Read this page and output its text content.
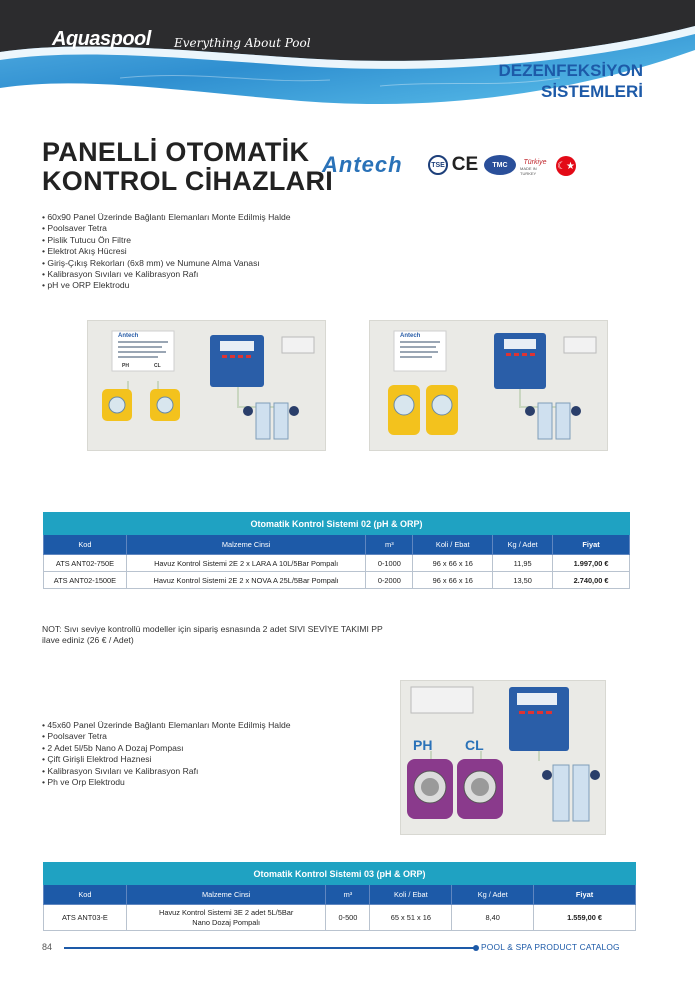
Aquaspool Everything About Pool
DEZENFEKSİYON
SİSTEMLERİ
PANELLİ OTOMATİK
KONTROL CİHAZLARI
Antech	TSE CE	TMC	Türkiye
MADE IN TURKEY
☾★
• 60x90 Panel Üzerinde Bağlantı Elemanları Monte Edilmiş Halde
• Poolsaver Tetra
• Pislik Tutucu Ön Filtre
• Elektrot Akış Hücresi
• Giriş-Çıkış Rekorları (6x8 mm) ve Numune Alma Vanası
• Kalibrasyon Sıvıları ve Kalibrasyon Rafı
• pH ve ORP Elektrodu
Antech
PH	CL
Antech
Otomatik Kontrol Sistemi 02 (pH & ORP)					
Kod	Malzeme Cinsi	m³	Koli / Ebat	Kg / Adet	Fiyat
ATS ANT02-750E	Havuz Kontrol Sistemi 2E 2 x LARA A 10L/5Bar Pompalı	0-1000	96 x 66 x 16	11,95	1.997,00 €
ATS ANT02-1500E	Havuz Kontrol Sistemi 2E 2 x NOVA A 25L/5Bar Pompalı	0-2000	96 x 66 x 16	13,50	2.740,00 €
NOT: Sıvı seviye kontrollü modeller için sipariş esnasında 2 adet SIVI SEVİYE TAKIMI PP
ilave ediniz (26 € / Adet)
PH CL
• 45x60 Panel Üzerinde Bağlantı Elemanları Monte Edilmiş Halde
• Poolsaver Tetra
• 2 Adet 5l/5b Nano A Dozaj Pompası
• Çift Girişli Elektrod Haznesi
• Kalibrasyon Sıvıları ve Kalibrasyon Rafı
• Ph ve Orp Elektrodu
Otomatik Kontrol Sistemi 03 (pH & ORP)					
Kod	Malzeme Cinsi	m³	Koli / Ebat	Kg / Adet	Fiyat
ATS ANT03-E	Havuz Kontrol Sistemi 3E 2 adet 5L/5Bar
Nano Dozaj Pompalı	0-500	65 x 51 x 16	8,40	1.559,00 €
84	POOL & SPA PRODUCT CATALOG
